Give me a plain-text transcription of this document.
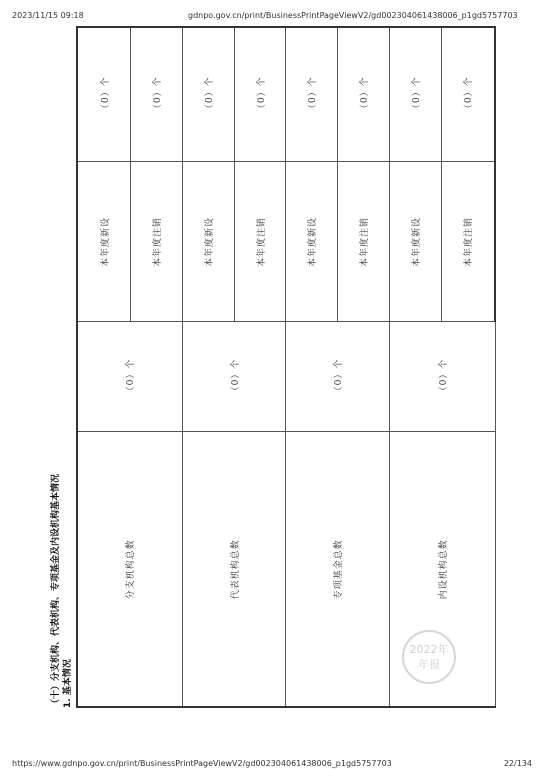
2023/11/15 09:18	gdnpo.gov.cn/print/BusinessPrintPageViewV2/gd002304061438006_p1gd5757703
（十）分支机构、代表机构、专项基金及内设机构基本情况 1. 基本情况
分支机构总数	（0）个	本年度新设	（0）个
		本年度注销	（0）个
代表机构总数	（0）个	本年度新设	（0）个
		本年度注销	（0）个
专项基金总数	（0）个	本年度新设	（0）个
		本年度注销	（0）个
内设机构总数	（0）个	本年度新设	（0）个
		本年度注销	（0）个
2022年
年报
https://www.gdnpo.gov.cn/print/BusinessPrintPageViewV2/gd002304061438006_p1gd5757703	22/134
